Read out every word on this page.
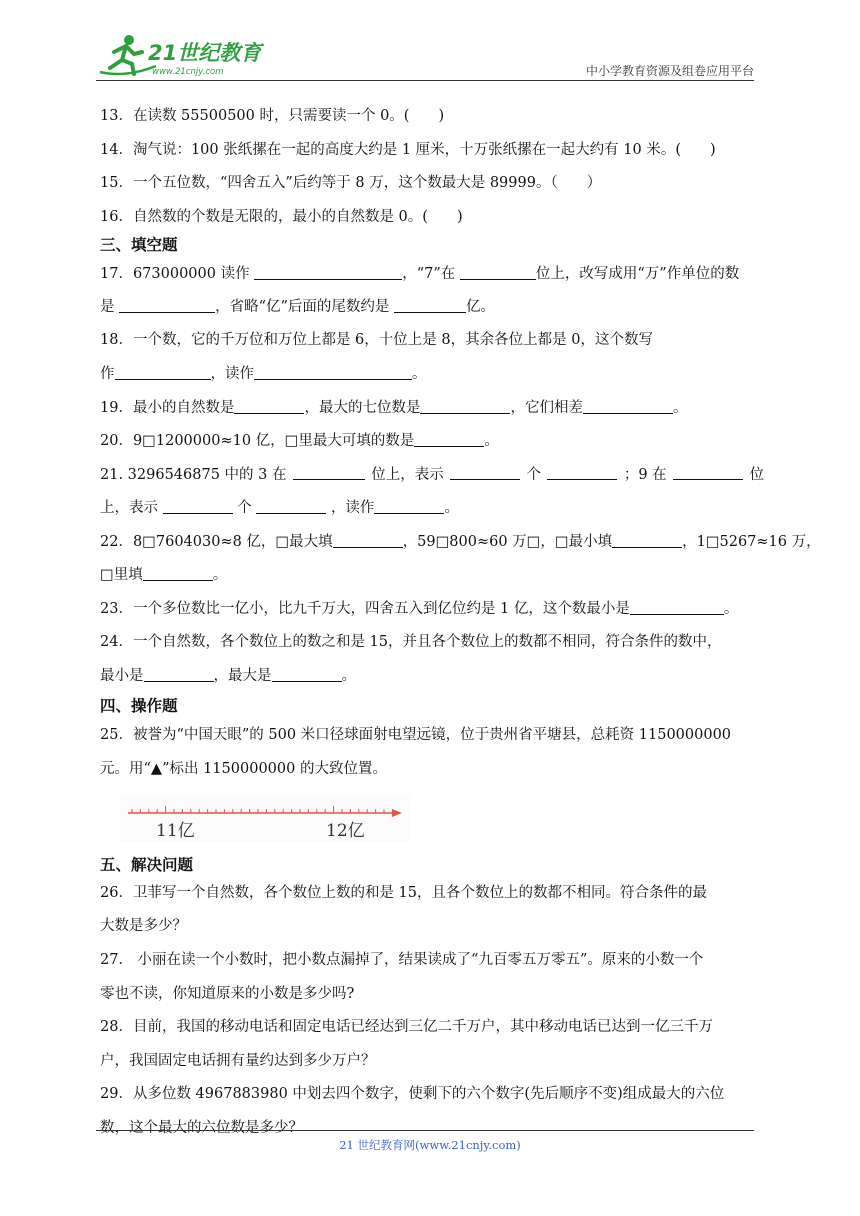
21世纪教育
www.21cnjy.com	中小学教育资源及组卷应用平台
13．在读数 55500500 时，只需要读一个 0。(　　)
14．淘气说：100 张纸摞在一起的高度大约是 1 厘米，十万张纸摞在一起大约有 10 米。(　　)
15．一个五位数，“四舍五入”后约等于 8 万，这个数最大是 89999。（　　）
16．自然数的个数是无限的，最小的自然数是 0。(　　)
三、填空题
17．673000000 读作	，“7”在	位上，改写成用“万”作单位的数
是	，省略“亿”后面的尾数约是	亿。
18．一个数，它的千万位和万位上都是 6，十位上是 8，其余各位上都是 0，这个数写
作	，读作	。
19．最小的自然数是	，最大的七位数是	，它们相差	。
20．9□1200000≈10 亿，□里最大可填的数是	。
21. 3296546875 中的 3 在	位上，表示	个	；9 在	位
上，表示	个	，读作	。
22．8□7604030≈8 亿，□最大填	，59□800≈60 万□，□最小填	，1□5267≈16 万，
□里填	。
23．一个多位数比一亿小，比九千万大，四舍五入到亿位约是 1 亿，这个数最小是	。
24．一个自然数，各个数位上的数之和是 15，并且各个数位上的数都不相同，符合条件的数中，
最小是	，最大是	。
四、操作题
25．被誉为“中国天眼”的 500 米口径球面射电望远镜，位于贵州省平塘县，总耗资 1150000000
元。用“▲”标出 1150000000 的大致位置。
五、解决问题
26．卫菲写一个自然数，各个数位上数的和是 15，且各个数位上的数都不相同。符合条件的最
大数是多少？
27． 小丽在读一个小数时，把小数点漏掉了，结果读成了“九百零五万零五”。原来的小数一个
零也不读，你知道原来的小数是多少吗?
28．目前，我国的移动电话和固定电话已经达到三亿二千万户，其中移动电话已达到一亿三千万
户，我国固定电话拥有量约达到多少万户？
29．从多位数 4967883980 中划去四个数字，使剩下的六个数字(先后顺序不变)组成最大的六位
数，这个最大的六位数是多少？
11亿	12亿
21 世纪教育网(www.21cnjy.com)
